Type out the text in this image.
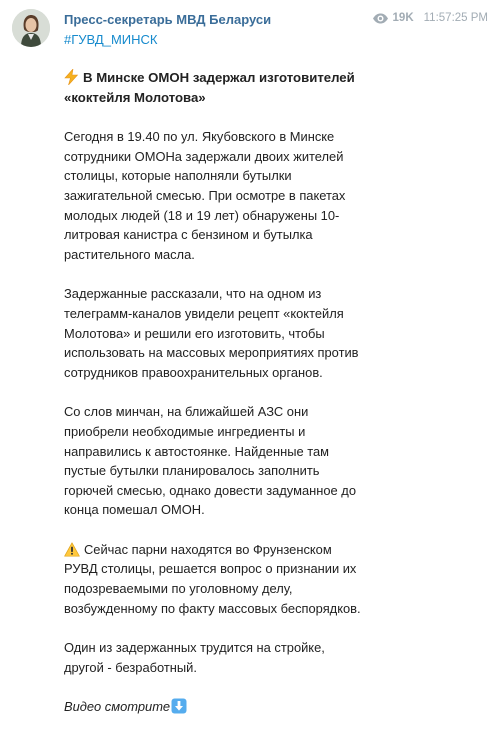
Пресс-секретарь МВД Беларуси	19K 11:57:25 PM
#ГУВД_МИНСК

В Минске ОМОН задержал изготовителей «коктейля Молотова»

Сегодня в 19.40 по ул. Якубовского в Минске сотрудники ОМОНа задержали двоих жителей столицы, которые наполняли бутылки зажигательной смесью. При осмотре в пакетах молодых людей (18 и 19 лет) обнаружены 10-литровая канистра с бензином и бутылка растительного масла.

Задержанные рассказали, что на одном из телеграмм-каналов увидели рецепт «коктейля Молотова» и решили его изготовить, чтобы использовать на массовых мероприятиях против сотрудников правоохранительных органов.

Со слов минчан, на ближайшей АЗС они приобрели необходимые ингредиенты и направились к автостоянке. Найденные там пустые бутылки планировалось заполнить горючей смесью, однако довести задуманное до конца помешал ОМОН.

Сейчас парни находятся во Фрунзенском РУВД столицы, решается вопрос о признании их подозреваемыми по уголовному делу, возбужденному по факту массовых беспорядков.

Один из задержанных трудится на стройке, другой - безработный.

Видео смотрите
